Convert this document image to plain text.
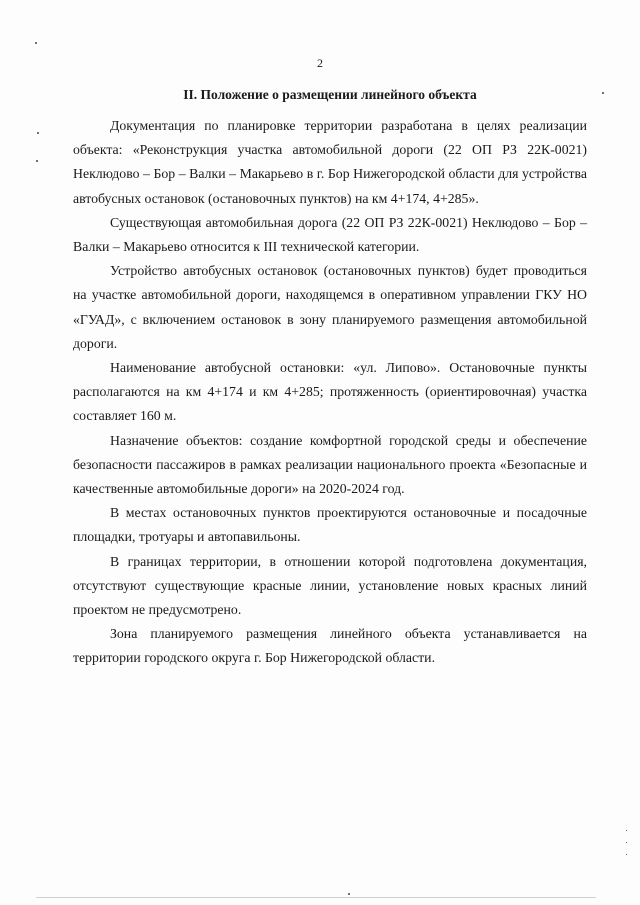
2
II. Положение о размещении линейного объекта

Документация по планировке территории разработана в целях реализации объекта: «Реконструкция участка автомобильной дороги (22 ОП РЗ 22К-0021) Неклюдово – Бор – Валки – Макарьево в г. Бор Нижегородской области для устройства автобусных остановок (остановочных пунктов) на км 4+174, 4+285».

Существующая автомобильная дорога (22 ОП РЗ 22К-0021) Неклюдово – Бор – Валки – Макарьево относится к III технической категории.

Устройство автобусных остановок (остановочных пунктов) будет проводиться на участке автомобильной дороги, находящемся в оперативном управлении ГКУ НО «ГУАД», с включением остановок в зону планируемого размещения автомобильной дороги.

Наименование автобусной остановки: «ул. Липово». Остановочные пункты располагаются на км 4+174 и км 4+285; протяженность (ориентировочная) участка составляет 160 м.

Назначение объектов: создание комфортной городской среды и обеспечение безопасности пассажиров в рамках реализации национального проекта «Безопасные и качественные автомобильные дороги» на 2020-2024 год.

В местах остановочных пунктов проектируются остановочные и посадочные площадки, тротуары и автопавильоны.

В границах территории, в отношении которой подготовлена документация, отсутствуют существующие красные линии, установление новых красных линий проектом не предусмотрено.

Зона планируемого размещения линейного объекта устанавливается на территории городского округа г. Бор Нижегородской области.
